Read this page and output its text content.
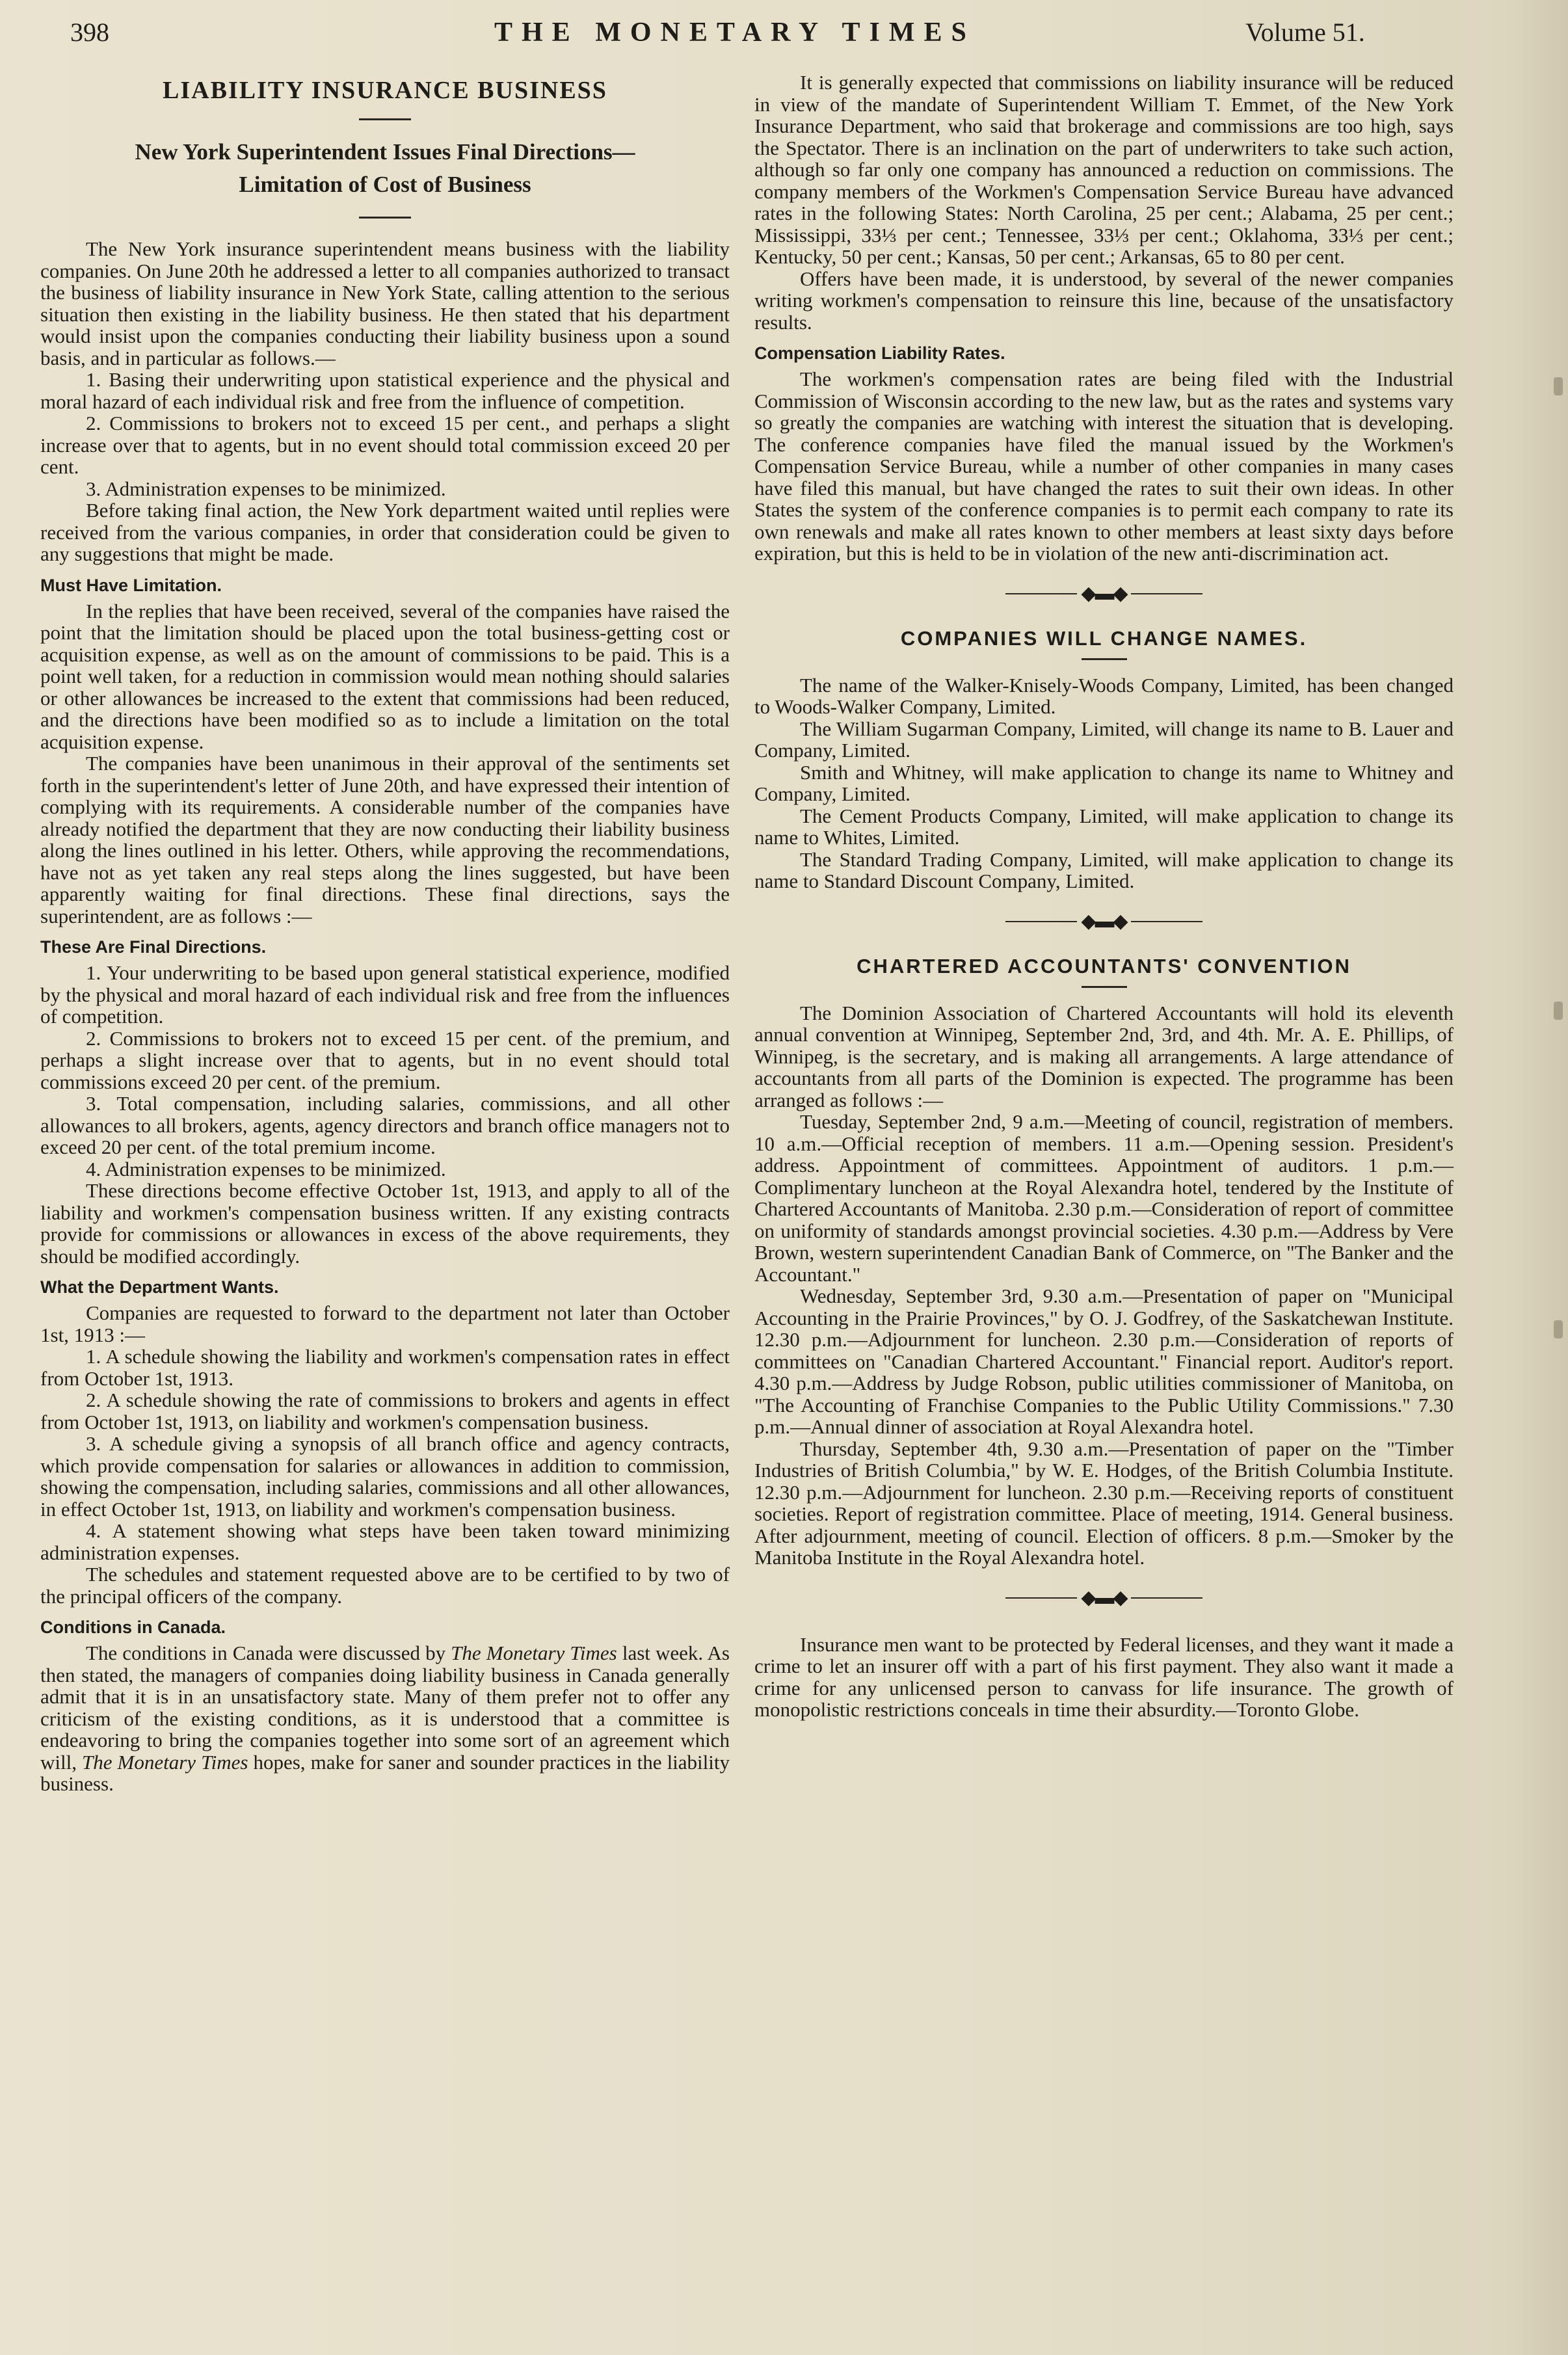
398	THE MONETARY TIMES	Volume 51.
LIABILITY INSURANCE BUSINESS
New York Superintendent Issues Final Directions—
Limitation of Cost of Business

The New York insurance superintendent means business with the liability companies. On June 20th he addressed a letter to all companies authorized to transact the business of liability insurance in New York State, calling attention to the serious situation then existing in the liability business. He then stated that his department would insist upon the companies conducting their liability business upon a sound basis, and in particular as follows.—

1. Basing their underwriting upon statistical experience and the physical and moral hazard of each individual risk and free from the influence of competition.

2. Commissions to brokers not to exceed 15 per cent., and perhaps a slight increase over that to agents, but in no event should total commission exceed 20 per cent.

3. Administration expenses to be minimized.

Before taking final action, the New York department waited until replies were received from the various companies, in order that consideration could be given to any suggestions that might be made.

Must Have Limitation.

In the replies that have been received, several of the companies have raised the point that the limitation should be placed upon the total business-getting cost or acquisition expense, as well as on the amount of commissions to be paid. This is a point well taken, for a reduction in commission would mean nothing should salaries or other allowances be increased to the extent that commissions had been reduced, and the directions have been modified so as to include a limitation on the total acquisition expense.

The companies have been unanimous in their approval of the sentiments set forth in the superintendent's letter of June 20th, and have expressed their intention of complying with its requirements. A considerable number of the companies have already notified the department that they are now conducting their liability business along the lines outlined in his letter. Others, while approving the recommendations, have not as yet taken any real steps along the lines suggested, but have been apparently waiting for final directions. These final directions, says the superintendent, are as follows :—

These Are Final Directions.

1. Your underwriting to be based upon general statistical experience, modified by the physical and moral hazard of each individual risk and free from the influences of competition.

2. Commissions to brokers not to exceed 15 per cent. of the premium, and perhaps a slight increase over that to agents, but in no event should total commissions exceed 20 per cent. of the premium.

3. Total compensation, including salaries, commissions, and all other allowances to all brokers, agents, agency directors and branch office managers not to exceed 20 per cent. of the total premium income.

4. Administration expenses to be minimized.

These directions become effective October 1st, 1913, and apply to all of the liability and workmen's compensation business written. If any existing contracts provide for commissions or allowances in excess of the above requirements, they should be modified accordingly.

What the Department Wants.

Companies are requested to forward to the department not later than October 1st, 1913 :—

1. A schedule showing the liability and workmen's compensation rates in effect from October 1st, 1913.

2. A schedule showing the rate of commissions to brokers and agents in effect from October 1st, 1913, on liability and workmen's compensation business.

3. A schedule giving a synopsis of all branch office and agency contracts, which provide compensation for salaries or allowances in addition to commission, showing the compensation, including salaries, commissions and all other allowances, in effect October 1st, 1913, on liability and workmen's compensation business.

4. A statement showing what steps have been taken toward minimizing administration expenses.

The schedules and statement requested above are to be certified to by two of the principal officers of the company.

Conditions in Canada.

The conditions in Canada were discussed by The Monetary Times last week. As then stated, the managers of companies doing liability business in Canada generally admit that it is in an unsatisfactory state. Many of them prefer not to offer any criticism of the existing conditions, as it is understood that a committee is endeavoring to bring the companies together into some sort of an agreement which will, The Monetary Times hopes, make for saner and sounder practices in the liability business.

It is generally expected that commissions on liability insurance will be reduced in view of the mandate of Superintendent William T. Emmet, of the New York Insurance Department, who said that brokerage and commissions are too high, says the Spectator. There is an inclination on the part of underwriters to take such action, although so far only one company has announced a reduction on commissions. The company members of the Workmen's Compensation Service Bureau have advanced rates in the following States: North Carolina, 25 per cent.; Alabama, 25 per cent.; Mississippi, 33⅓ per cent.; Tennessee, 33⅓ per cent.; Oklahoma, 33⅓ per cent.; Kentucky, 50 per cent.; Kansas, 50 per cent.; Arkansas, 65 to 80 per cent.

Offers have been made, it is understood, by several of the newer companies writing workmen's compensation to reinsure this line, because of the unsatisfactory results.

Compensation Liability Rates.

The workmen's compensation rates are being filed with the Industrial Commission of Wisconsin according to the new law, but as the rates and systems vary so greatly the companies are watching with interest the situation that is developing. The conference companies have filed the manual issued by the Workmen's Compensation Service Bureau, while a number of other companies in many cases have filed this manual, but have changed the rates to suit their own ideas. In other States the system of the conference companies is to permit each company to rate its own renewals and make all rates known to other members at least sixty days before expiration, but this is held to be in violation of the new anti-discrimination act.

◆▬◆
COMPANIES WILL CHANGE NAMES.

The name of the Walker-Knisely-Woods Company, Limited, has been changed to Woods-Walker Company, Limited.

The William Sugarman Company, Limited, will change its name to B. Lauer and Company, Limited.

Smith and Whitney, will make application to change its name to Whitney and Company, Limited.

The Cement Products Company, Limited, will make application to change its name to Whites, Limited.

The Standard Trading Company, Limited, will make application to change its name to Standard Discount Company, Limited.

◆▬◆
CHARTERED ACCOUNTANTS' CONVENTION

The Dominion Association of Chartered Accountants will hold its eleventh annual convention at Winnipeg, September 2nd, 3rd, and 4th. Mr. A. E. Phillips, of Winnipeg, is the secretary, and is making all arrangements. A large attendance of accountants from all parts of the Dominion is expected. The programme has been arranged as follows :—

Tuesday, September 2nd, 9 a.m.—Meeting of council, registration of members. 10 a.m.—Official reception of members. 11 a.m.—Opening session. President's address. Appointment of committees. Appointment of auditors. 1 p.m.—Complimentary luncheon at the Royal Alexandra hotel, tendered by the Institute of Chartered Accountants of Manitoba. 2.30 p.m.—Consideration of report of committee on uniformity of standards amongst provincial societies. 4.30 p.m.—Address by Vere Brown, western superintendent Canadian Bank of Commerce, on "The Banker and the Accountant."

Wednesday, September 3rd, 9.30 a.m.—Presentation of paper on "Municipal Accounting in the Prairie Provinces," by O. J. Godfrey, of the Saskatchewan Institute. 12.30 p.m.—Adjournment for luncheon. 2.30 p.m.—Consideration of reports of committees on "Canadian Chartered Accountant." Financial report. Auditor's report. 4.30 p.m.—Address by Judge Robson, public utilities commissioner of Manitoba, on "The Accounting of Franchise Companies to the Public Utility Commissions." 7.30 p.m.—Annual dinner of association at Royal Alexandra hotel.

Thursday, September 4th, 9.30 a.m.—Presentation of paper on the "Timber Industries of British Columbia," by W. E. Hodges, of the British Columbia Institute. 12.30 p.m.—Adjournment for luncheon. 2.30 p.m.—Receiving reports of constituent societies. Report of registration committee. Place of meeting, 1914. General business. After adjournment, meeting of council. Election of officers. 8 p.m.—Smoker by the Manitoba Institute in the Royal Alexandra hotel.

◆▬◆

Insurance men want to be protected by Federal licenses, and they want it made a crime to let an insurer off with a part of his first payment. They also want it made a crime for any unlicensed person to canvass for life insurance. The growth of monopolistic restrictions conceals in time their absurdity.—Toronto Globe.
